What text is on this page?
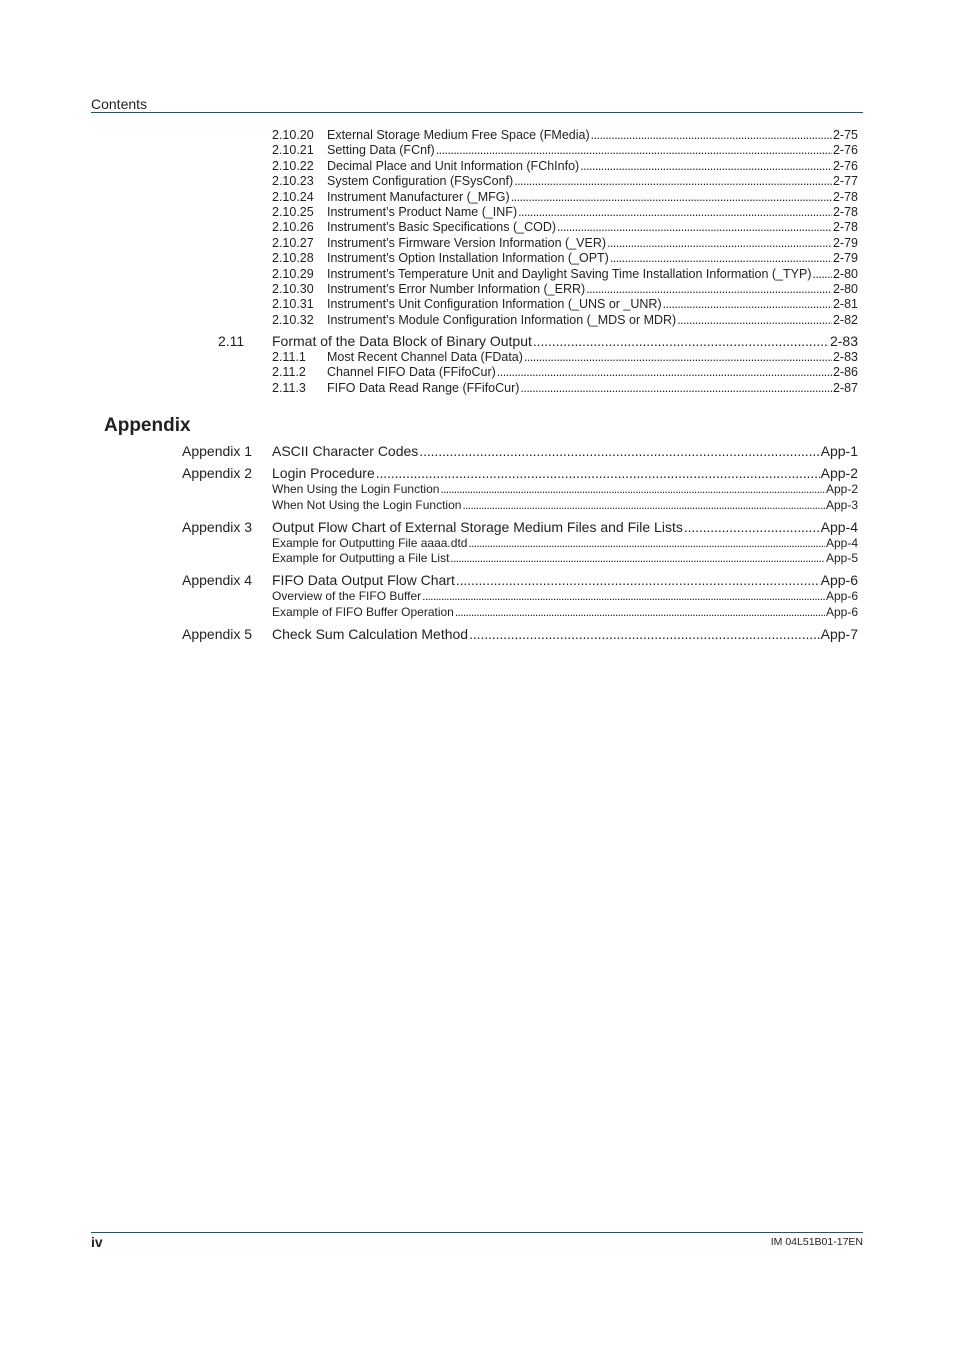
Contents
2.10.20	External Storage Medium Free Space (FMedia) . . .	2-75
2.10.21	Setting Data (FCnf) . . .	2-76
2.10.22	Decimal Place and Unit Information (FChInfo) . . .	2-76
2.10.23	System Configuration (FSysConf) . . .	2-77
2.10.24	Instrument Manufacturer (_MFG) . . .	2-78
2.10.25	Instrument’s Product Name (_INF) . . .	2-78
2.10.26	Instrument’s Basic Specifications (_COD) . . .	2-78
2.10.27	Instrument’s Firmware Version Information (_VER) . . .	2-79
2.10.28	Instrument’s Option Installation Information (_OPT) . . .	2-79
2.10.29	Instrument’s Temperature Unit and Daylight Saving Time Installation Information (_TYP) . . . 2-80
2.10.30	Instrument’s Error Number Information (_ERR) . . .	2-80
2.10.31	Instrument’s Unit Configuration Information (_UNS or _UNR) . . .	2-81
2.10.32	Instrument’s Module Configuration Information (_MDS or MDR) . . .	2-82
2.11	Format of the Data Block of Binary Output . . .	2-83
2.11.1	Most Recent Channel Data (FData) . . .	2-83
2.11.2	Channel FIFO Data (FFifoCur) . . .	2-86
2.11.3	FIFO Data Read Range (FFifoCur) . . .	2-87
Appendix
Appendix 1	ASCII Character Codes . . .	App-1
Appendix 2	Login Procedure . . .	App-2
When Using the Login Function . . .	App-2
When Not Using the Login Function . . .	App-3
Appendix 3	Output Flow Chart of External Storage Medium Files and File Lists . . .	App-4
Example for Outputting File aaaa.dtd . . .	App-4
Example for Outputting a File List . . .	App-5
Appendix 4	FIFO Data Output Flow Chart . . .	App-6
Overview of the FIFO Buffer . . .	App-6
Example of FIFO Buffer Operation . . .	App-6
Appendix 5	Check Sum Calculation Method . . .	App-7
iv	IM 04L51B01-17EN
